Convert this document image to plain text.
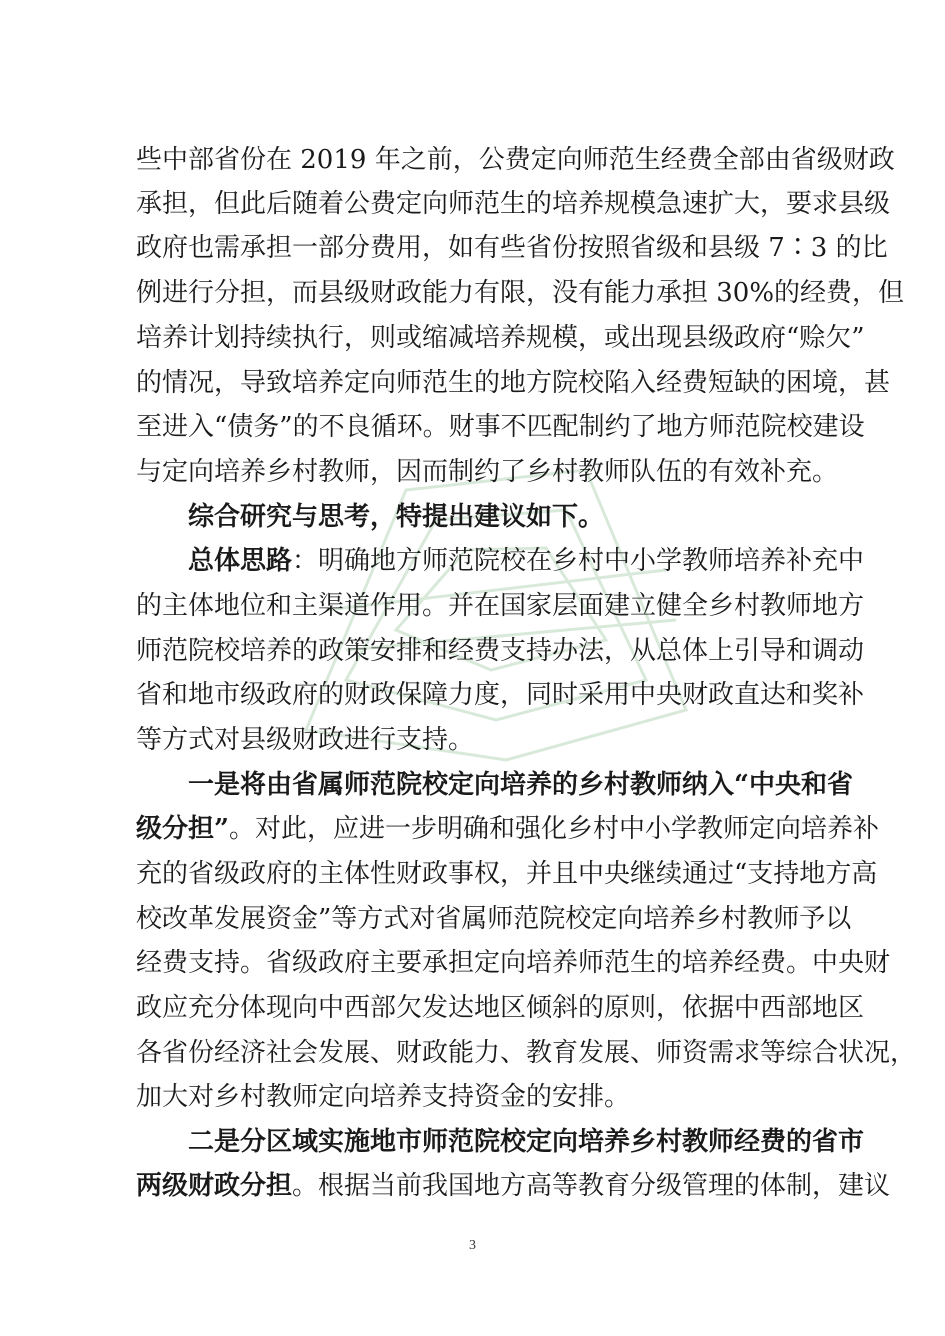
些中部省份在 2019 年之前，公费定向师范生经费全部由省级财政
承担，但此后随着公费定向师范生的培养规模急速扩大，要求县级
政府也需承担一部分费用，如有些省份按照省级和县级 7∶3 的比
例进行分担，而县级财政能力有限，没有能力承担 30%的经费，但
培养计划持续执行，则或缩减培养规模，或出现县级政府“赊欠”
的情况，导致培养定向师范生的地方院校陷入经费短缺的困境，甚
至进入“债务”的不良循环。财事不匹配制约了地方师范院校建设
与定向培养乡村教师，因而制约了乡村教师队伍的有效补充。
综合研究与思考，特提出建议如下。
总体思路：明确地方师范院校在乡村中小学教师培养补充中
的主体地位和主渠道作用。并在国家层面建立健全乡村教师地方
师范院校培养的政策安排和经费支持办法，从总体上引导和调动
省和地市级政府的财政保障力度，同时采用中央财政直达和奖补
等方式对县级财政进行支持。
一是将由省属师范院校定向培养的乡村教师纳入“中央和省
级分担”。对此，应进一步明确和强化乡村中小学教师定向培养补
充的省级政府的主体性财政事权，并且中央继续通过“支持地方高
校改革发展资金”等方式对省属师范院校定向培养乡村教师予以
经费支持。省级政府主要承担定向培养师范生的培养经费。中央财
政应充分体现向中西部欠发达地区倾斜的原则，依据中西部地区
各省份经济社会发展、财政能力、教育发展、师资需求等综合状况，
加大对乡村教师定向培养支持资金的安排。
二是分区域实施地市师范院校定向培养乡村教师经费的省市
两级财政分担。根据当前我国地方高等教育分级管理的体制，建议
3
